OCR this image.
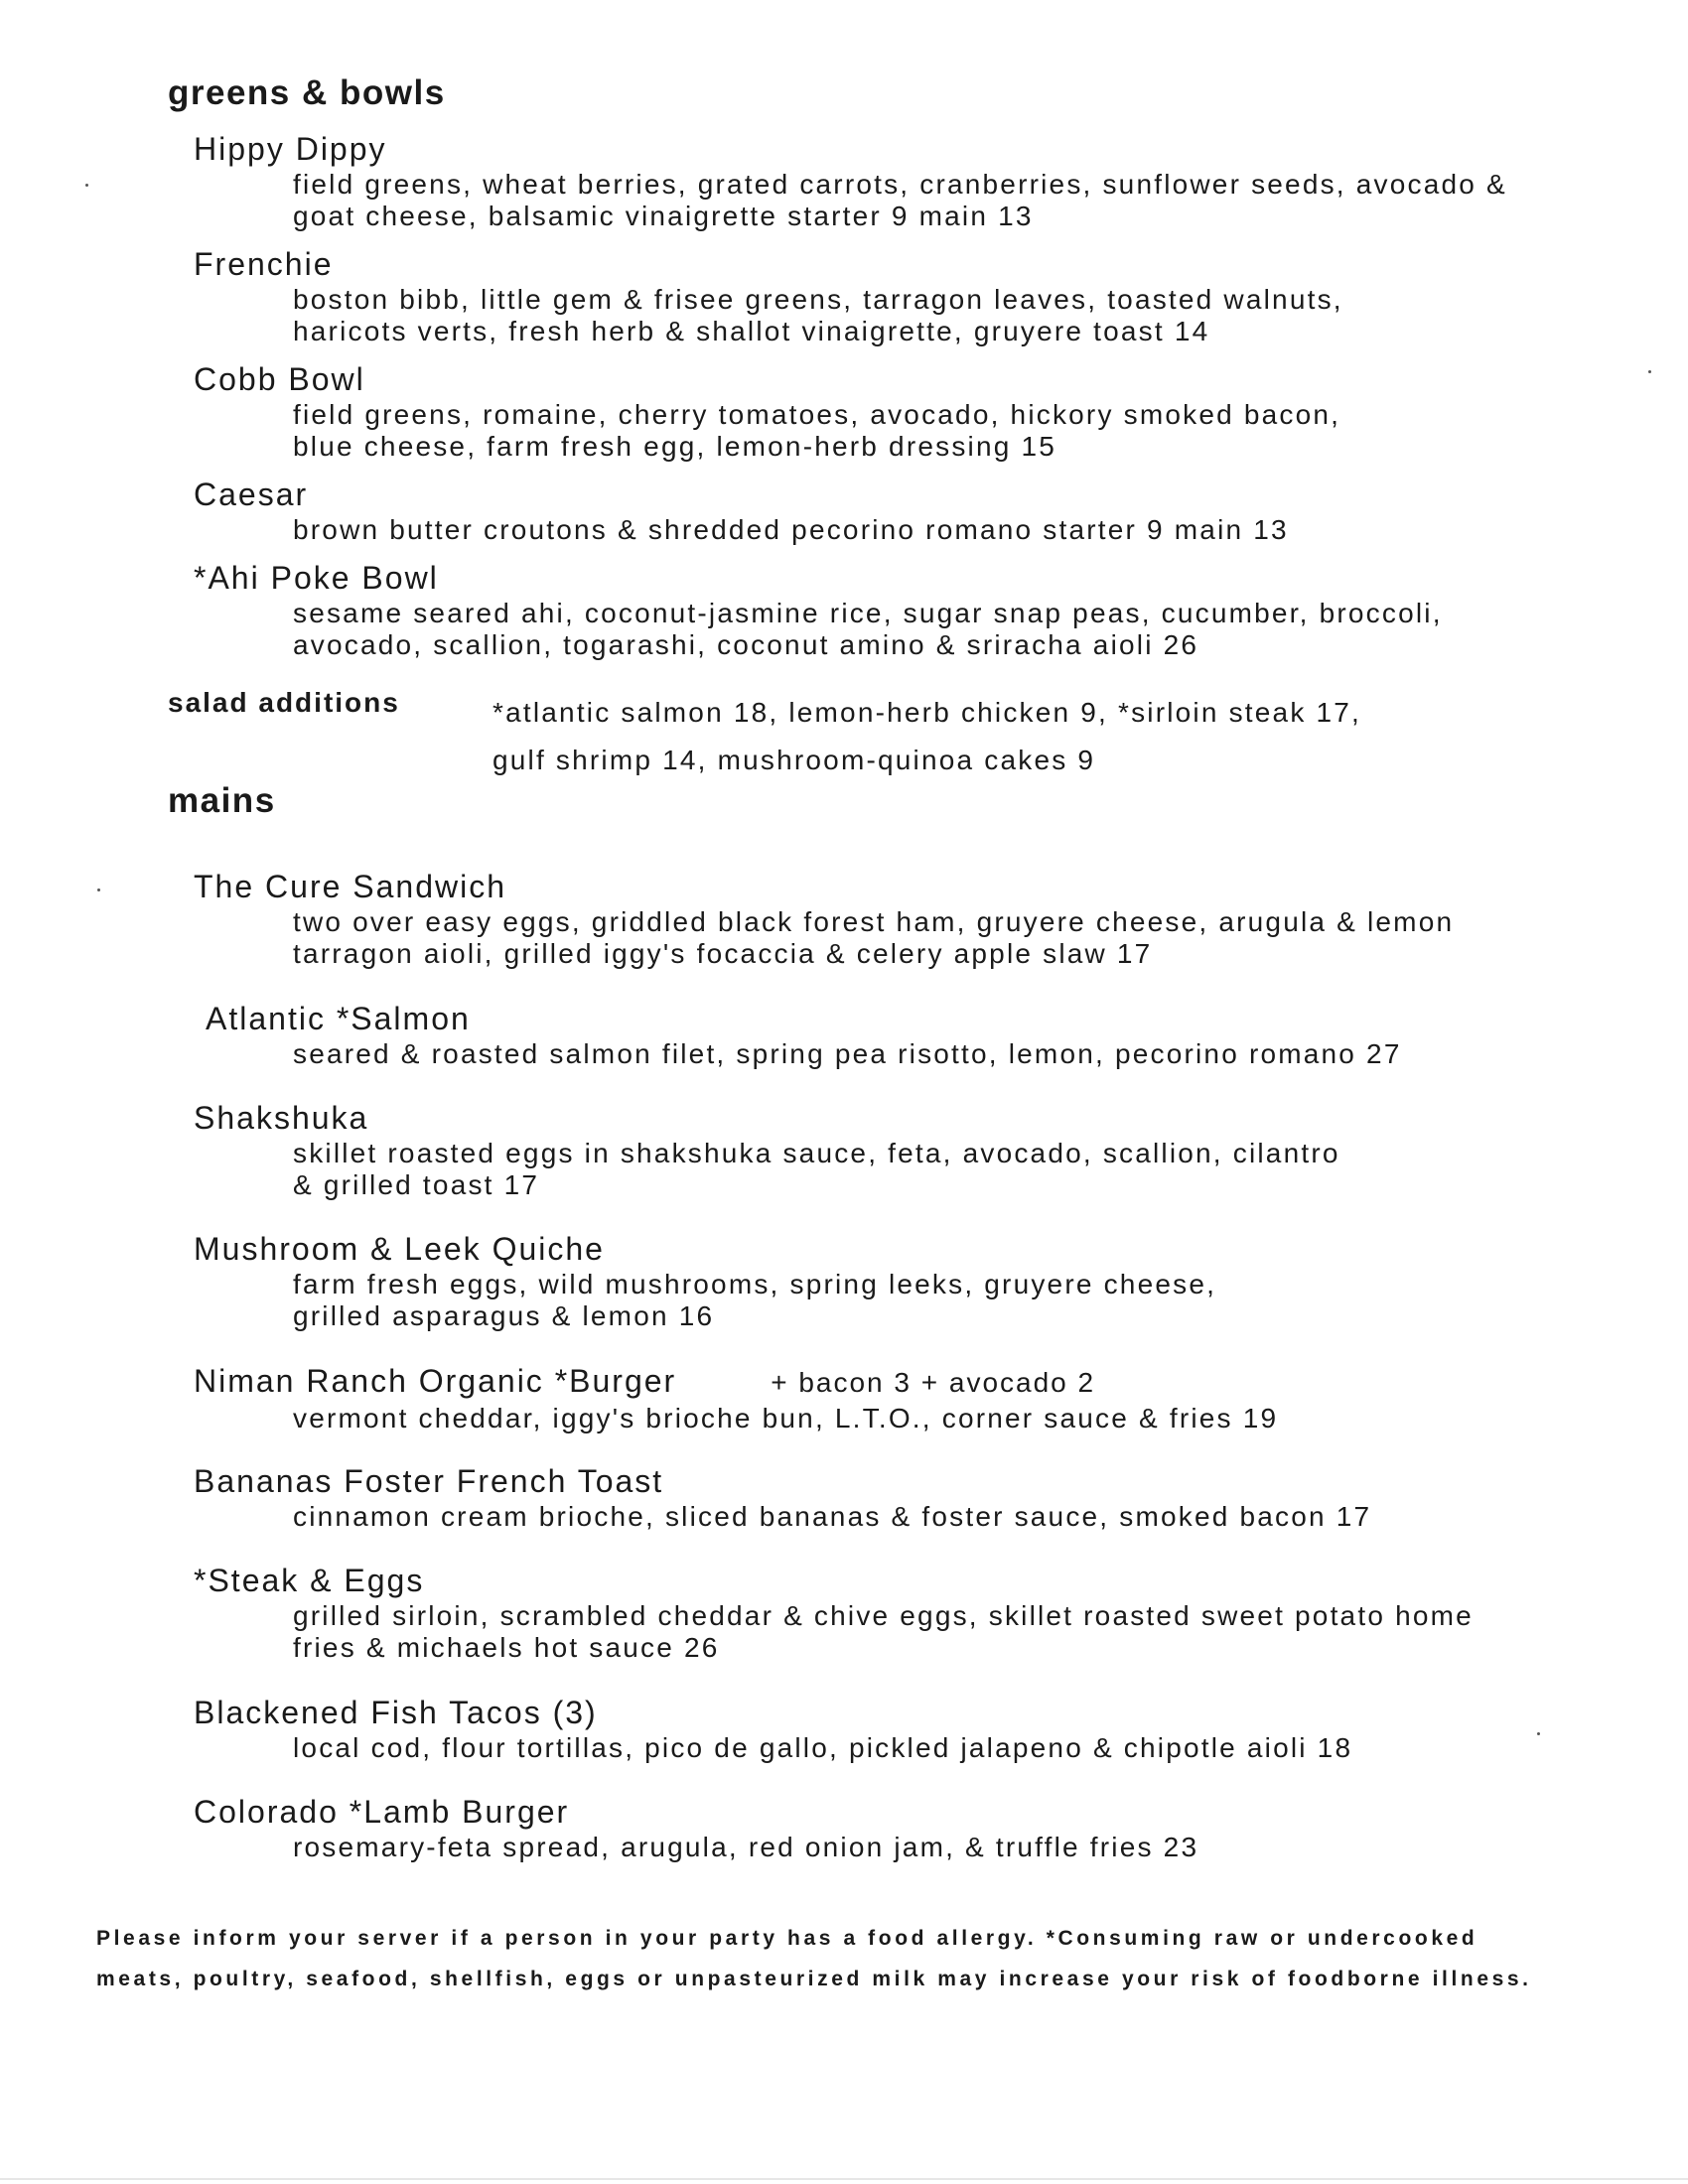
greens & bowls
Hippy Dippy
field greens, wheat berries, grated carrots, cranberries, sunflower seeds, avocado &
goat cheese, balsamic vinaigrette starter 9 main 13
Frenchie
boston bibb, little gem & frisee greens, tarragon leaves, toasted walnuts,
haricots verts, fresh herb & shallot vinaigrette, gruyere toast 14
Cobb Bowl
field greens, romaine, cherry tomatoes, avocado, hickory smoked bacon,
blue cheese, farm fresh egg, lemon-herb dressing 15
Caesar
brown butter croutons & shredded pecorino romano starter 9 main 13
*Ahi Poke Bowl
sesame seared ahi, coconut-jasmine rice, sugar snap peas, cucumber, broccoli,
avocado, scallion, togarashi, coconut amino & sriracha aioli 26
salad additions	*atlantic salmon 18, lemon-herb chicken 9, *sirloin steak 17,
gulf shrimp 14, mushroom-quinoa cakes 9
mains
The Cure Sandwich
two over easy eggs, griddled black forest ham, gruyere cheese, arugula & lemon
tarragon aioli, grilled iggy's focaccia & celery apple slaw 17
Atlantic *Salmon
seared & roasted salmon filet, spring pea risotto, lemon, pecorino romano 27
Shakshuka
skillet roasted eggs in shakshuka sauce, feta, avocado, scallion, cilantro
& grilled toast 17
Mushroom & Leek Quiche
farm fresh eggs, wild mushrooms, spring leeks, gruyere cheese,
grilled asparagus & lemon 16
Niman Ranch Organic *Burger	+ bacon 3 + avocado 2
vermont cheddar, iggy's brioche bun, L.T.O., corner sauce & fries 19
Bananas Foster French Toast
cinnamon cream brioche, sliced bananas & foster sauce, smoked bacon 17
*Steak & Eggs
grilled sirloin, scrambled cheddar & chive eggs, skillet roasted sweet potato home
fries & michaels hot sauce 26
Blackened Fish Tacos (3)
local cod, flour tortillas, pico de gallo, pickled jalapeno & chipotle aioli 18
Colorado *Lamb Burger
rosemary-feta spread, arugula, red onion jam, & truffle fries 23
Please inform your server if a person in your party has a food allergy. *Consuming raw or undercooked
meats, poultry, seafood, shellfish, eggs or unpasteurized milk may increase your risk of foodborne illness.
